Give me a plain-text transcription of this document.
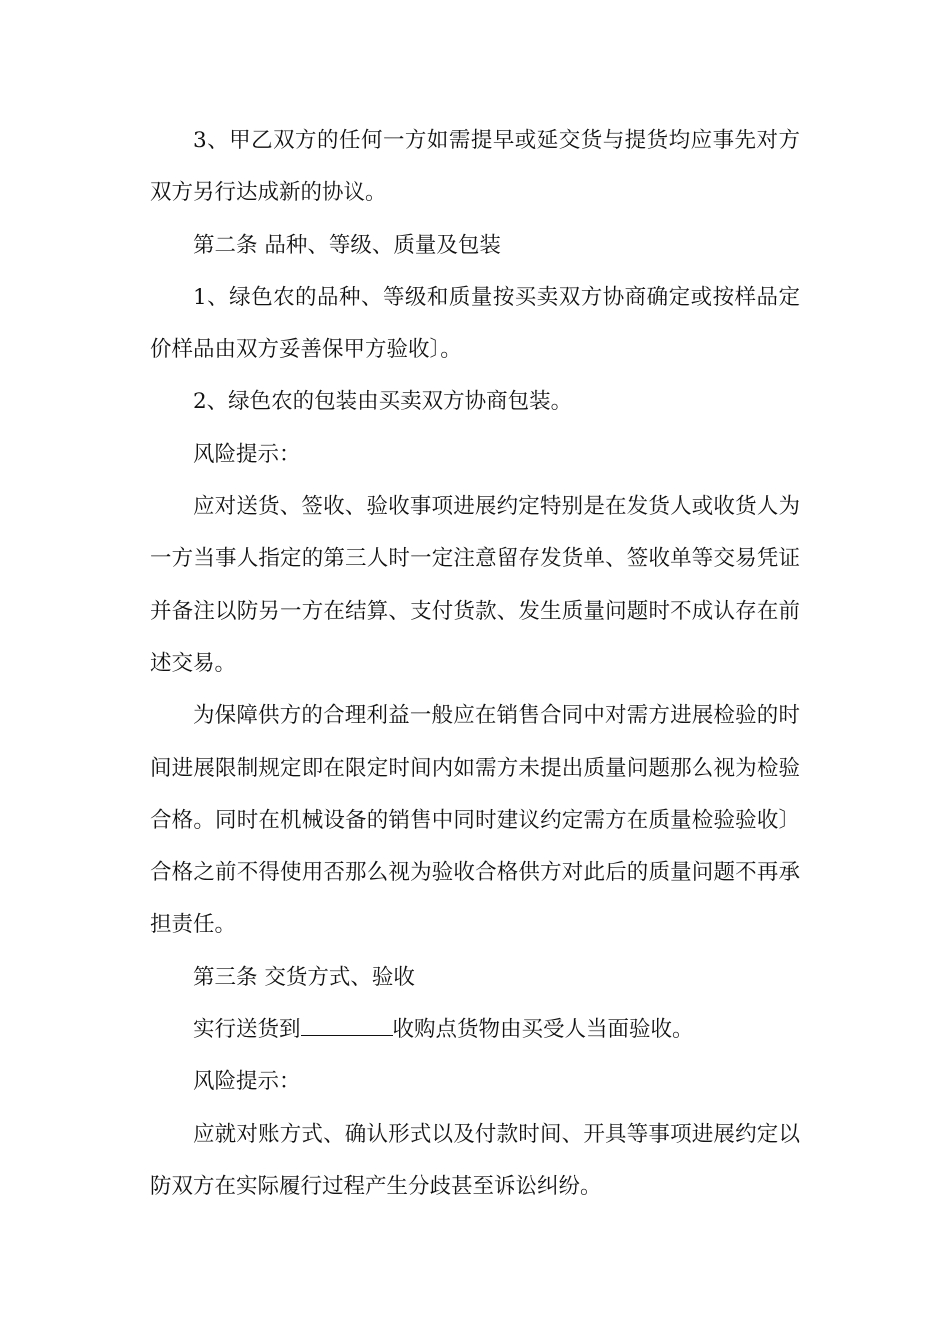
3、甲乙双方的任何一方如需提早或延交货与提货均应事先对方双方另行达成新的协议。

第二条 品种、等级、质量及包装

1、绿色农的品种、等级和质量按买卖双方协商确定或按样品定价样品由双方妥善保甲方验收〕。

2、绿色农的包装由买卖双方协商包装。

风险提示：

应对送货、签收、验收事项进展约定特别是在发货人或收货人为一方当事人指定的第三人时一定注意留存发货单、签收单等交易凭证并备注以防另一方在结算、支付货款、发生质量问题时不成认存在前述交易。

为保障供方的合理利益一般应在销售合同中对需方进展检验的时间进展限制规定即在限定时间内如需方未提出质量问题那么视为检验合格。同时在机械设备的销售中同时建议约定需方在质量检验验收〕合格之前不得使用否那么视为验收合格供方对此后的质量问题不再承担责任。

第三条 交货方式、验收

实行送货到	收购点货物由买受人当面验收。

风险提示：

应就对账方式、确认形式以及付款时间、开具等事项进展约定以防双方在实际履行过程产生分歧甚至诉讼纠纷。
